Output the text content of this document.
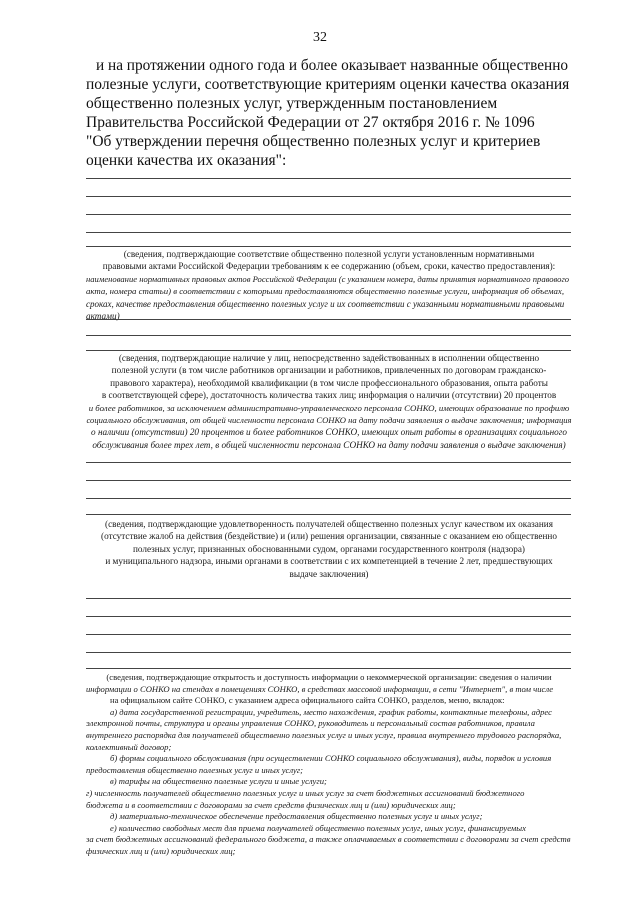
32
и на протяжении одного года и более оказывает названные общественно
полезные услуги, соответствующие критериям оценки качества оказания
общественно полезных услуг, утвержденным постановлением
Правительства Российской Федерации от 27 октября 2016 г. № 1096
"Об утверждении перечня общественно полезных услуг и критериев
оценки качества их оказания":
(сведения, подтверждающие соответствие общественно полезной услуги установленным нормативными
правовыми актами Российской Федерации требованиям к ее содержанию (объем, сроки, качество предоставления):
наименование нормативных правовых актов Российской Федерации (с указанием номера, даты принятия нормативного правового
акта, номера статьи) в соответствии с которыми предоставляются общественно полезные услуги, информация об объемах,
сроках, качестве предоставления общественно полезных услуг и их соответствии с указанными нормативными правовыми
актами)
(сведения, подтверждающие наличие у лиц, непосредственно задействованных в исполнении общественно
полезной услуги (в том числе работников организации и работников, привлеченных по договорам гражданско-
правового характера), необходимой квалификации (в том числе профессионального образования, опыта работы
в соответствующей сфере), достаточность количества таких лиц; информация о наличии (отсутствии) 20 процентов
и более работников, за исключением административно-управленческого персонала СОНКО, имеющих образование по профилю
социального обслуживания, от общей численности персонала СОНКО на дату подачи заявления о выдаче заключения; информация
о наличии (отсутствии) 20 процентов и более работников СОНКО, имеющих опыт работы в организациях социального
обслуживания более трех лет, в общей численности персонала СОНКО на дату подачи заявления о выдаче заключения)
(сведения, подтверждающие удовлетворенность получателей общественно полезных услуг качеством их оказания
(отсутствие жалоб на действия (бездействие) и (или) решения организации, связанные с оказанием ею общественно
полезных услуг, признанных обоснованными судом, органами государственного контроля (надзора)
и муниципального надзора, иными органами в соответствии с их компетенцией в течение 2 лет, предшествующих
выдаче заключения)
(сведения, подтверждающие открытость и доступность информации о некоммерческой организации: сведения о наличии
информации о СОНКО на стендах в помещениях СОНКО, в средствах массовой информации, в сети "Интернет", в том числе
на официальном сайте СОНКО, с указанием адреса официального сайта СОНКО, разделов, меню, вкладок:
а) дата государственной регистрации, учредитель, место нахождения, график работы, контактные телефоны, адрес
электронной почты, структура и органы управления СОНКО, руководитель и персональный состав работников, правила
внутреннего распорядка для получателей общественно полезных услуг и иных услуг, правила внутреннего трудового распорядка,
коллективный договор;
б) формы социального обслуживания (при осуществлении СОНКО социального обслуживания), виды, порядок и условия
предоставления общественно полезных услуг и иных услуг;
в) тарифы на общественно полезные услуги и иные услуги;
г) численность получателей общественно полезных услуг и иных услуг за счет бюджетных ассигнований бюджетного
бюджета и в соответствии с договорами за счет средств физических лиц и (или) юридических лиц;
д) материально-техническое обеспечение предоставления общественно полезных услуг и иных услуг;
е) количество свободных мест для приема получателей общественно полезных услуг, иных услуг, финансируемых
за счет бюджетных ассигнований федерального бюджета, а также оплачиваемых в соответствии с договорами за счет средств
физических лиц и (или) юридических лиц;
